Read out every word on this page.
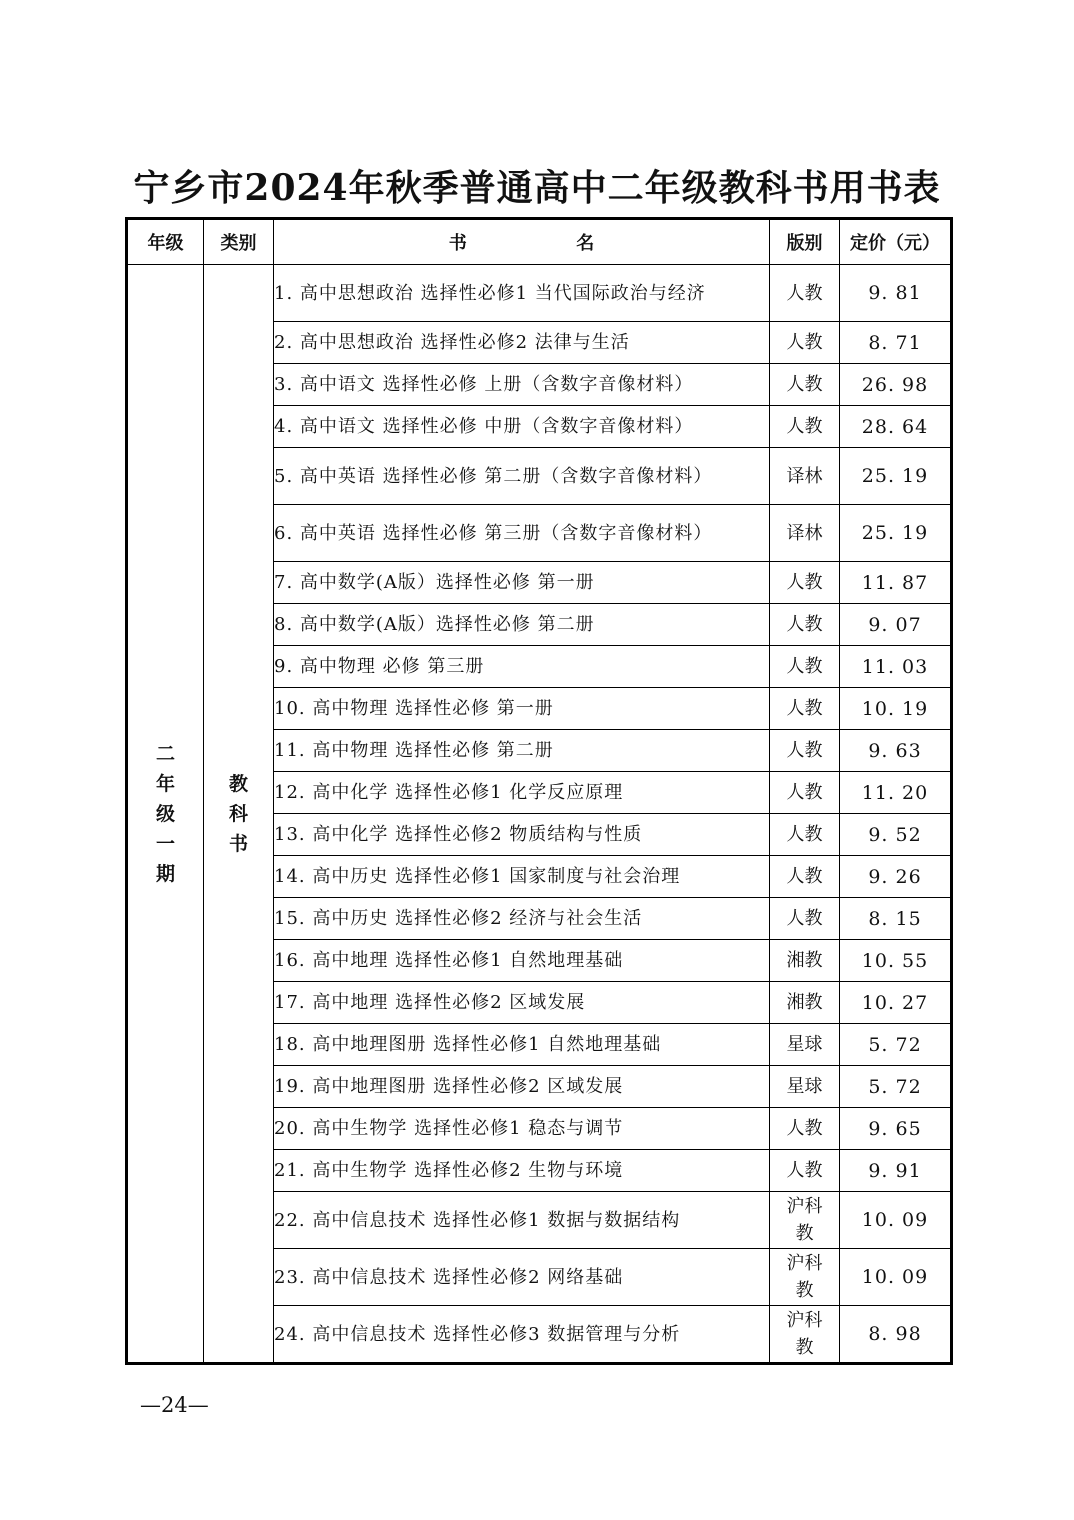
宁乡市2024年秋季普通高中二年级教科书用书表
年级	类别	书 名	版别	定价（元）
二年级一期	教科书	1. 高中思想政治 选择性必修1 当代国际政治与经济	人教	9. 81
		2. 高中思想政治 选择性必修2 法律与生活	人教	8. 71
		3. 高中语文 选择性必修 上册（含数字音像材料）	人教	26. 98
		4. 高中语文 选择性必修 中册（含数字音像材料）	人教	28. 64
		5. 高中英语 选择性必修 第二册（含数字音像材料）	译林	25. 19
		6. 高中英语 选择性必修 第三册（含数字音像材料）	译林	25. 19
		7. 高中数学(A版）选择性必修 第一册	人教	11. 87
		8. 高中数学(A版）选择性必修 第二册	人教	9. 07
		9. 高中物理 必修 第三册	人教	11. 03
		10. 高中物理 选择性必修 第一册	人教	10. 19
		11. 高中物理 选择性必修 第二册	人教	9. 63
		12. 高中化学 选择性必修1 化学反应原理	人教	11. 20
		13. 高中化学 选择性必修2 物质结构与性质	人教	9. 52
		14. 高中历史 选择性必修1 国家制度与社会治理	人教	9. 26
		15. 高中历史 选择性必修2 经济与社会生活	人教	8. 15
		16. 高中地理 选择性必修1 自然地理基础	湘教	10. 55
		17. 高中地理 选择性必修2 区域发展	湘教	10. 27
		18. 高中地理图册 选择性必修1 自然地理基础	星球	5. 72
		19. 高中地理图册 选择性必修2 区域发展	星球	5. 72
		20. 高中生物学 选择性必修1 稳态与调节	人教	9. 65
		21. 高中生物学 选择性必修2 生物与环境	人教	9. 91
		22. 高中信息技术 选择性必修1 数据与数据结构	沪科教	10. 09
		23. 高中信息技术 选择性必修2 网络基础	沪科教	10. 09
		24. 高中信息技术 选择性必修3 数据管理与分析	沪科教	8. 98
—24—
